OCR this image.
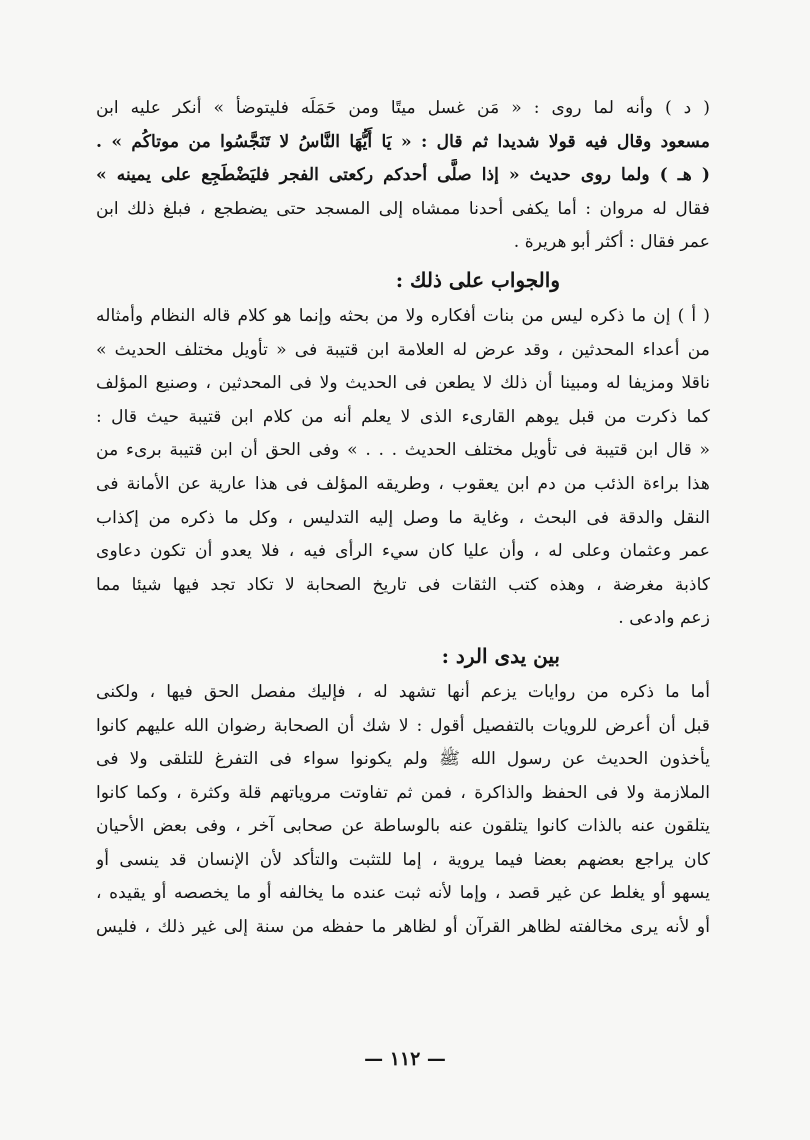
( د ) وأنه لما روى : « مَن غسل ميتًا ومن حَمَلَه فليتوضأ » أنكر عليه ابن

مسعود وقال فيه قولا شديدا ثم قال : « يَا أَيُّهَا النَّاسُ لا تَنَجَّسُوا من موتاكُم » .

( هـ ) ولما روى حديث « إذا صلَّى أحدكم ركعتى الفجر فليَضْطَجِع على يمينه »

فقال له مروان : أما يكفى أحدنا ممشاه إلى المسجد حتى يضطجع ، فبلغ ذلك ابن

عمر فقال : أكثر أبو هريرة .

والجواب على ذلك :

( أ ) إن ما ذكره ليس من بنات أفكاره ولا من بحثه وإنما هو كلام قاله النظام وأمثاله

من أعداء المحدثين ، وقد عرض له العلامة ابن قتيبة فى « تأويل مختلف الحديث »

ناقلا ومزيفا له ومبينا أن ذلك لا يطعن فى الحديث ولا فى المحدثين ، وصنيع المؤلف

كما ذكرت من قبل يوهم القارىء الذى لا يعلم أنه من كلام ابن قتيبة حيث قال :

« قال ابن قتيبة فى تأويل مختلف الحديث . . . » وفى الحق أن ابن قتيبة برىء من

هذا براءة الذئب من دم ابن يعقوب ، وطريقه المؤلف فى هذا عارية عن الأمانة فى

النقل والدقة فى البحث ، وغاية ما وصل إليه التدليس ، وكل ما ذكره من إكذاب

عمر وعثمان وعلى له ، وأن عليا كان سيء الرأى فيه ، فلا يعدو أن تكون دعاوى

كاذبة مغرضة ، وهذه كتب الثقات فى تاريخ الصحابة لا تكاد تجد فيها شيئا مما

زعم وادعى .

بين يدى الرد :

أما ما ذكره من روايات يزعم أنها تشهد له ، فإليك مفصل الحق فيها ، ولكنى

قبل أن أعرض للرويات بالتفصيل أقول : لا شك أن الصحابة رضوان الله عليهم كانوا

يأخذون الحديث عن رسول الله ﷺ ولم يكونوا سواء فى التفرغ للتلقى ولا فى

الملازمة ولا فى الحفظ والذاكرة ، فمن ثم تفاوتت مروياتهم قلة وكثرة ، وكما كانوا

يتلقون عنه بالذات كانوا يتلقون عنه بالوساطة عن صحابى آخر ، وفى بعض الأحيان

كان يراجع بعضهم بعضا فيما يروية ، إما للتثبت والتأكد لأن الإنسان قد ينسى أو

يسهو أو يغلط عن غير قصد ، وإما لأنه ثبت عنده ما يخالفه أو ما يخصصه أو يقيده ،

أو لأنه يرى مخالفته لظاهر القرآن أو لظاهر ما حفظه من سنة إلى غير ذلك ، فليس

— ١١٢ —
